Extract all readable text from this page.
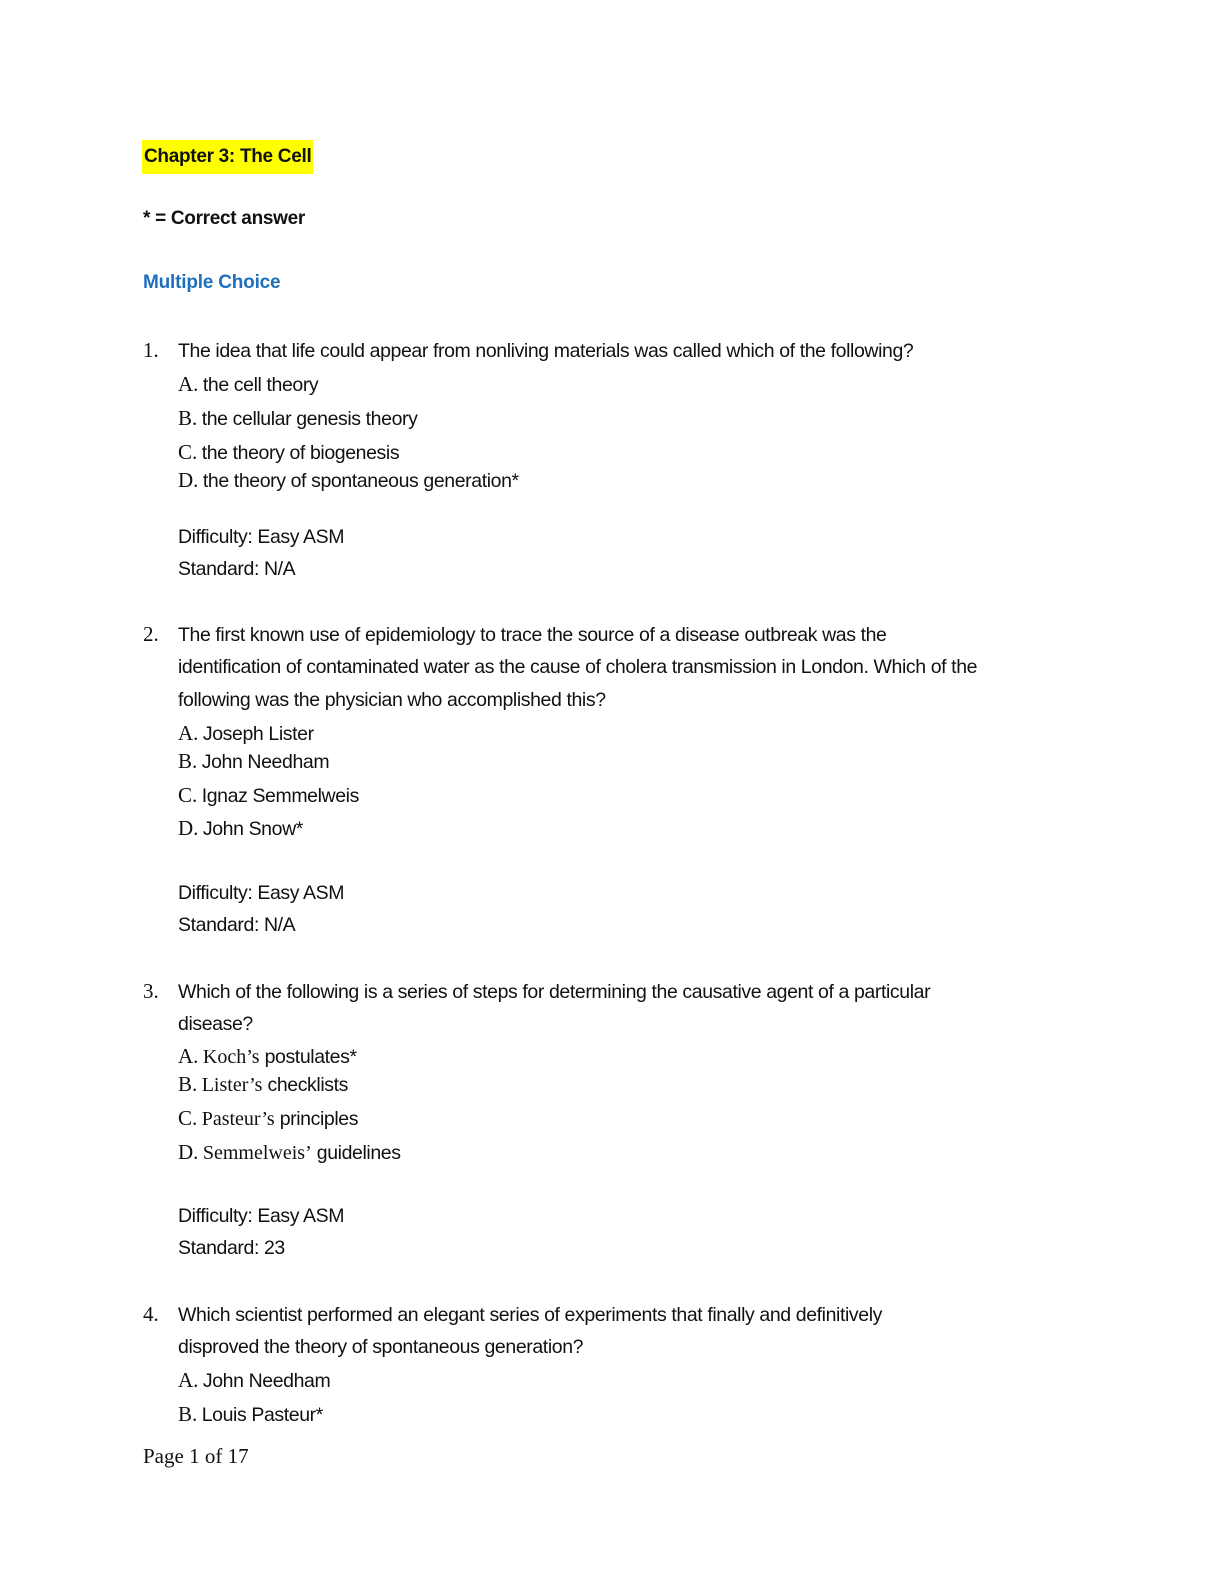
Chapter 3: The Cell
* = Correct answer
Multiple Choice
1. The idea that life could appear from nonliving materials was called which of the following?
A. the cell theory
B. the cellular genesis theory
C. the theory of biogenesis
D. the theory of spontaneous generation*
Difficulty: Easy ASM
Standard: N/A
2. The first known use of epidemiology to trace the source of a disease outbreak was the
identification of contaminated water as the cause of cholera transmission in London. Which of the
following was the physician who accomplished this?
A. Joseph Lister
B. John Needham
C. Ignaz Semmelweis
D. John Snow*
Difficulty: Easy ASM
Standard: N/A
3. Which of the following is a series of steps for determining the causative agent of a particular
disease?
A. Koch’s postulates*
B. Lister’s checklists
C. Pasteur’s principles
D. Semmelweis’ guidelines
Difficulty: Easy ASM
Standard: 23
4. Which scientist performed an elegant series of experiments that finally and definitively
disproved the theory of spontaneous generation?
A. John Needham
B. Louis Pasteur*
Page 1 of 17
